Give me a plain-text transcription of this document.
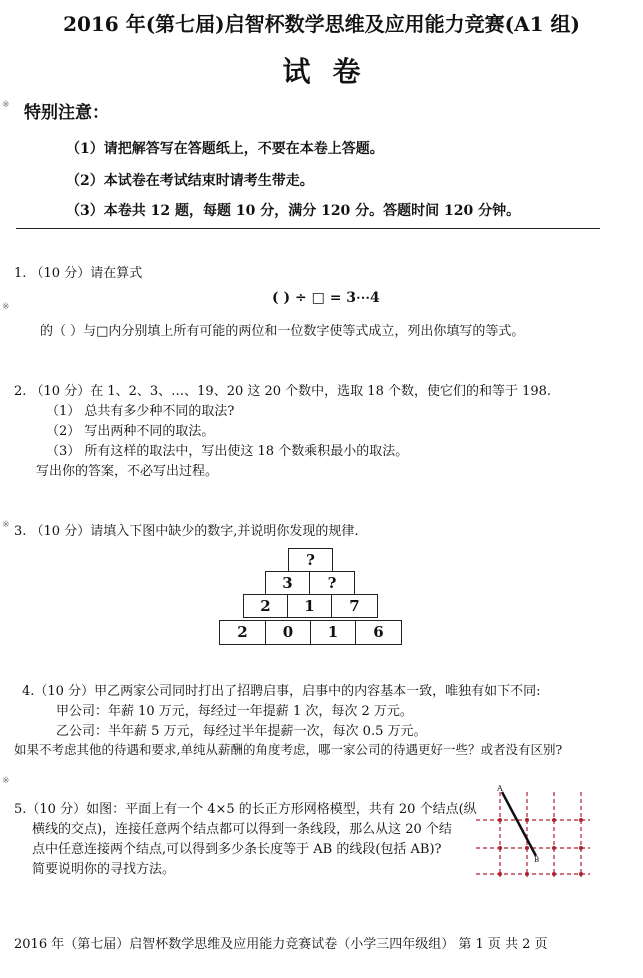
2016 年(第七届)启智杯数学思维及应用能力竞赛(A1 组)
试卷
特别注意：
（1）请把解答写在答题纸上，不要在本卷上答题。
（2）本试卷在考试结束时请考生带走。
（3）本卷共 12 题，每题 10 分，满分 120 分。答题时间 120 分钟。
※
※
※
※
1. （10 分）请在算式
( ) ÷ □ = 3⋯4
的（ ）与□内分别填上所有可能的两位和一位数字使等式成立，列出你填写的等式。
2. （10 分）在 1、2、3、…、19、20 这 20 个数中，选取 18 个数，使它们的和等于 198.
（1） 总共有多少种不同的取法?
（2） 写出两种不同的取法。
（3） 所有这样的取法中，写出使这 18 个数乘积最小的取法。
写出你的答案，不必写出过程。
3. （10 分）请填入下图中缺少的数字,并说明你发现的规律.
?
3	?
2	1	7
2	0	1	6
4.（10 分）甲乙两家公司同时打出了招聘启事，启事中的内容基本一致，唯独有如下不同:
甲公司：年薪 10 万元，每经过一年提薪 1 次，每次 2 万元。
乙公司：半年薪 5 万元，每经过半年提薪一次，每次 0.5 万元。
如果不考虑其他的待遇和要求,单纯从薪酬的角度考虑，哪一家公司的待遇更好一些？或者没有区别?
5.（10 分）如图：平面上有一个 4×5 的长正方形网格模型，共有 20 个结点(纵
横线的交点)，连接任意两个结点都可以得到一条线段，那么从这 20 个结
点中任意连接两个结点,可以得到多少条长度等于 AB 的线段(包括 AB)?
简要说明你的寻找方法。
A
B
2016 年（第七届）启智杯数学思维及应用能力竞赛试卷（小学三四年级组） 第 1 页 共 2 页
